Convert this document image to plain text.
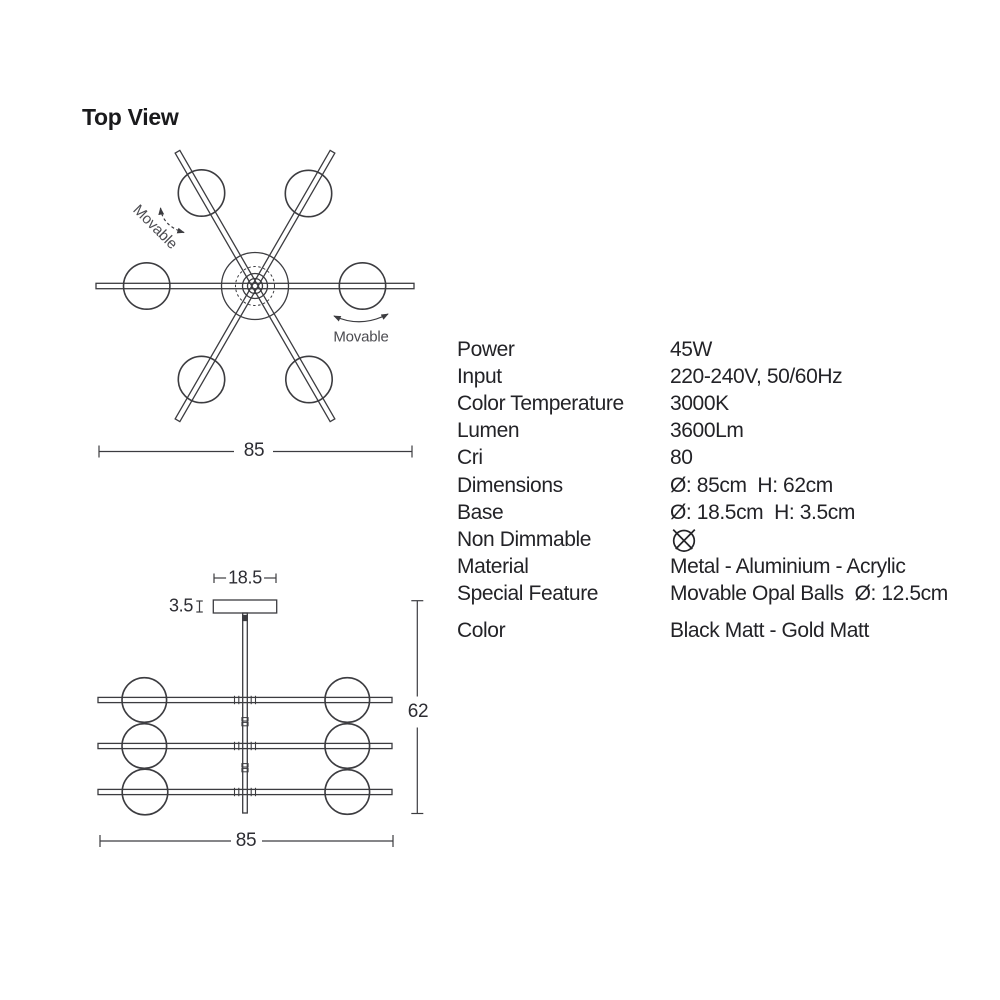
Top View
Movable
Movable
85
18.5
3.5
62
85
Power	45W
Input	220-240V, 50/60Hz
Color Temperature	3000K
Lumen	3600Lm
Cri	80
Dimensions	Ø: 85cm  H: 62cm
Base	Ø: 18.5cm  H: 3.5cm
Non Dimmable

Material	Metal - Aluminium - Acrylic
Special Feature	Movable Opal Balls  Ø: 12.5cm
Color	Black Matt - Gold Matt
